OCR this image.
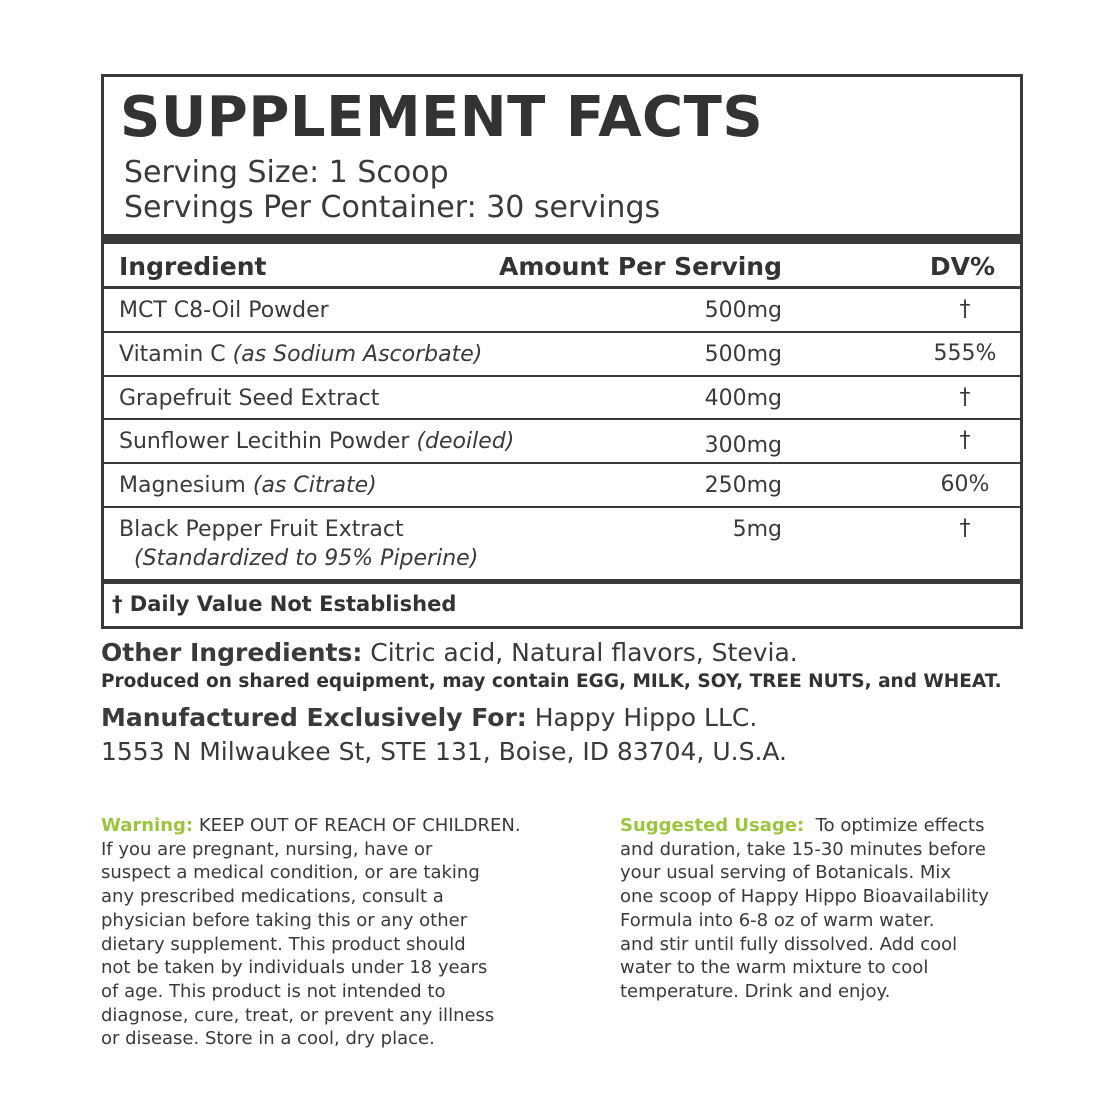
SUPPLEMENT FACTS
Serving Size: 1 Scoop
Servings Per Container: 30 servings
Ingredient	Amount Per Serving	DV%
MCT C8-Oil Powder	500mg	†
Vitamin C (as Sodium Ascorbate)	500mg	555%
Grapefruit Seed Extract	400mg	†
Sunflower Lecithin Powder (deoiled)	300mg	†
Magnesium (as Citrate)	250mg	60%
Black Pepper Fruit Extract
(Standardized to 95% Piperine)
5mg	†
† Daily Value Not Established
Other Ingredients: Citric acid, Natural flavors, Stevia.
Produced on shared equipment, may contain EGG, MILK, SOY, TREE NUTS, and WHEAT.
Manufactured Exclusively For: Happy Hippo LLC.
1553 N Milwaukee St, STE 131, Boise, ID 83704, U.S.A.
Warning: KEEP OUT OF REACH OF CHILDREN.
If you are pregnant, nursing, have or
suspect a medical condition, or are taking
any prescribed medications, consult a
physician before taking this or any other
dietary supplement. This product should
not be taken by individuals under 18 years
of age. This product is not intended to
diagnose, cure, treat, or prevent any illness
or disease. Store in a cool, dry place.
Suggested Usage:  To optimize effects
and duration, take 15-30 minutes before
your usual serving of Botanicals. Mix
one scoop of Happy Hippo Bioavailability
Formula into 6-8 oz of warm water.
and stir until fully dissolved. Add cool
water to the warm mixture to cool
temperature. Drink and enjoy.
